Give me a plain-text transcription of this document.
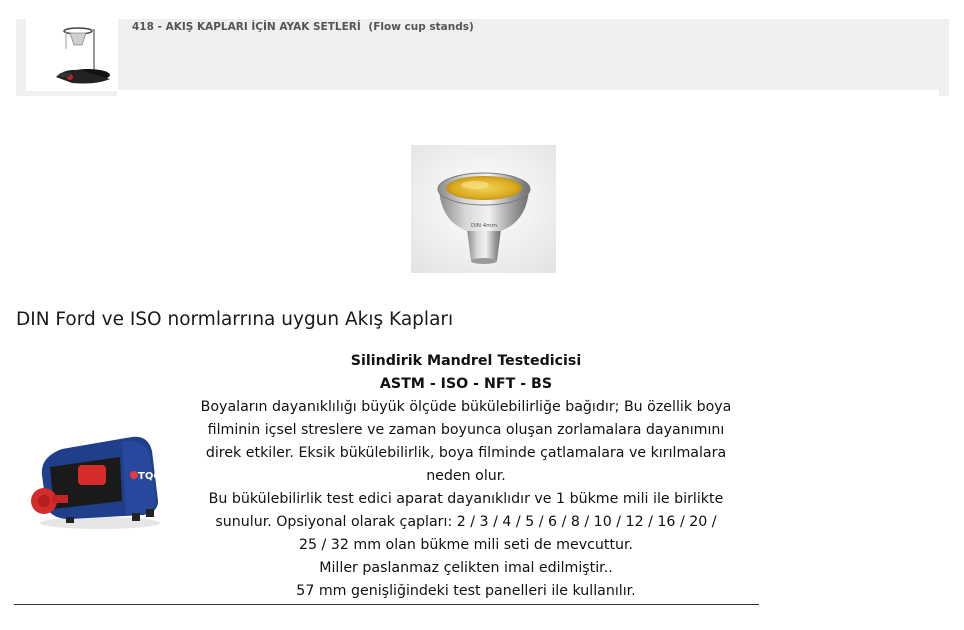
418 - AKIŞ KAPLARI İÇİN AYAK SETLERİ (Flow cup stands)
DIN 4mm
DIN Ford ve ISO normlarrına uygun Akış Kapları
TQC
Silindirik Mandrel Testedicisi
ASTM - ISO - NFT - BS
Boyaların dayanıklılığı büyük ölçüde bükülebilirliğe bağıdır; Bu özellik boya
filminin içsel streslere ve zaman boyunca oluşan zorlamalara dayanımını
direk etkiler. Eksik bükülebilirlik, boya filminde çatlamalara ve kırılmalara
neden olur.
Bu bükülebilirlik test edici aparat dayanıklıdır ve 1 bükme mili ile birlikte
sunulur. Opsiyonal olarak çapları: 2 / 3 / 4 / 5 / 6 / 8 / 10 / 12 / 16 / 20 /
25 / 32 mm olan bükme mili seti de mevcuttur.
Miller paslanmaz çelikten imal edilmiştir..
57 mm genişliğindeki test panelleri ile kullanılır.
